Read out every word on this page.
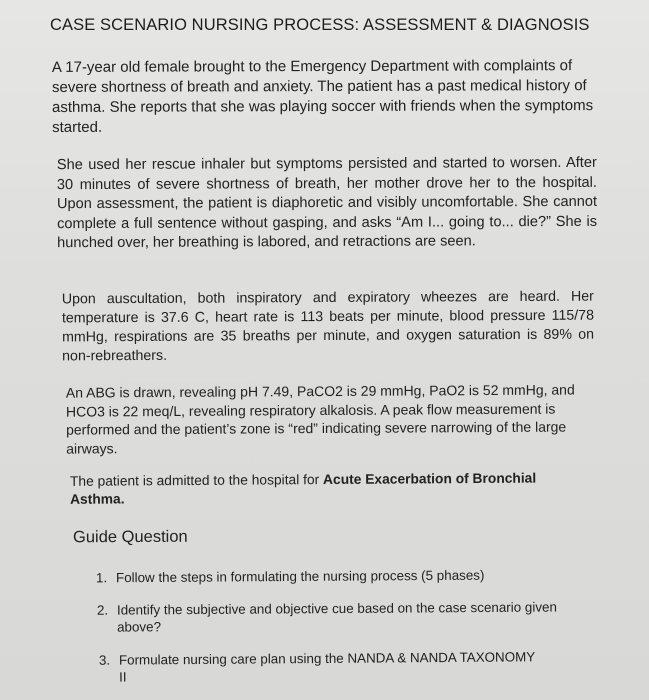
CASE SCENARIO NURSING PROCESS: ASSESSMENT & DIAGNOSIS

A 17-year old female brought to the Emergency Department with complaints of severe shortness of breath and anxiety. The patient has a past medical history of asthma. She reports that she was playing soccer with friends when the symptoms started.

She used her rescue inhaler but symptoms persisted and started to worsen. After 30 minutes of severe shortness of breath, her mother drove her to the hospital. Upon assessment, the patient is diaphoretic and visibly uncomfortable. She cannot complete a full sentence without gasping, and asks “Am I... going to... die?” She is hunched over, her breathing is labored, and retractions are seen.

Upon auscultation, both inspiratory and expiratory wheezes are heard. Her temperature is 37.6 C, heart rate is 113 beats per minute, blood pressure 115/78 mmHg, respirations are 35 breaths per minute, and oxygen saturation is 89% on non-rebreathers.

An ABG is drawn, revealing pH 7.49, PaCO2 is 29 mmHg, PaO2 is 52 mmHg, and HCO3 is 22 meq/L, revealing respiratory alkalosis. A peak flow measurement is performed and the patient’s zone is “red” indicating severe narrowing of the large airways.

The patient is admitted to the hospital for Acute Exacerbation of Bronchial Asthma.

Guide Question

1. Follow the steps in formulating the nursing process (5 phases)

2. Identify the subjective and objective cue based on the case scenario given above?

3. Formulate nursing care plan using the NANDA & NANDA TAXONOMY II
